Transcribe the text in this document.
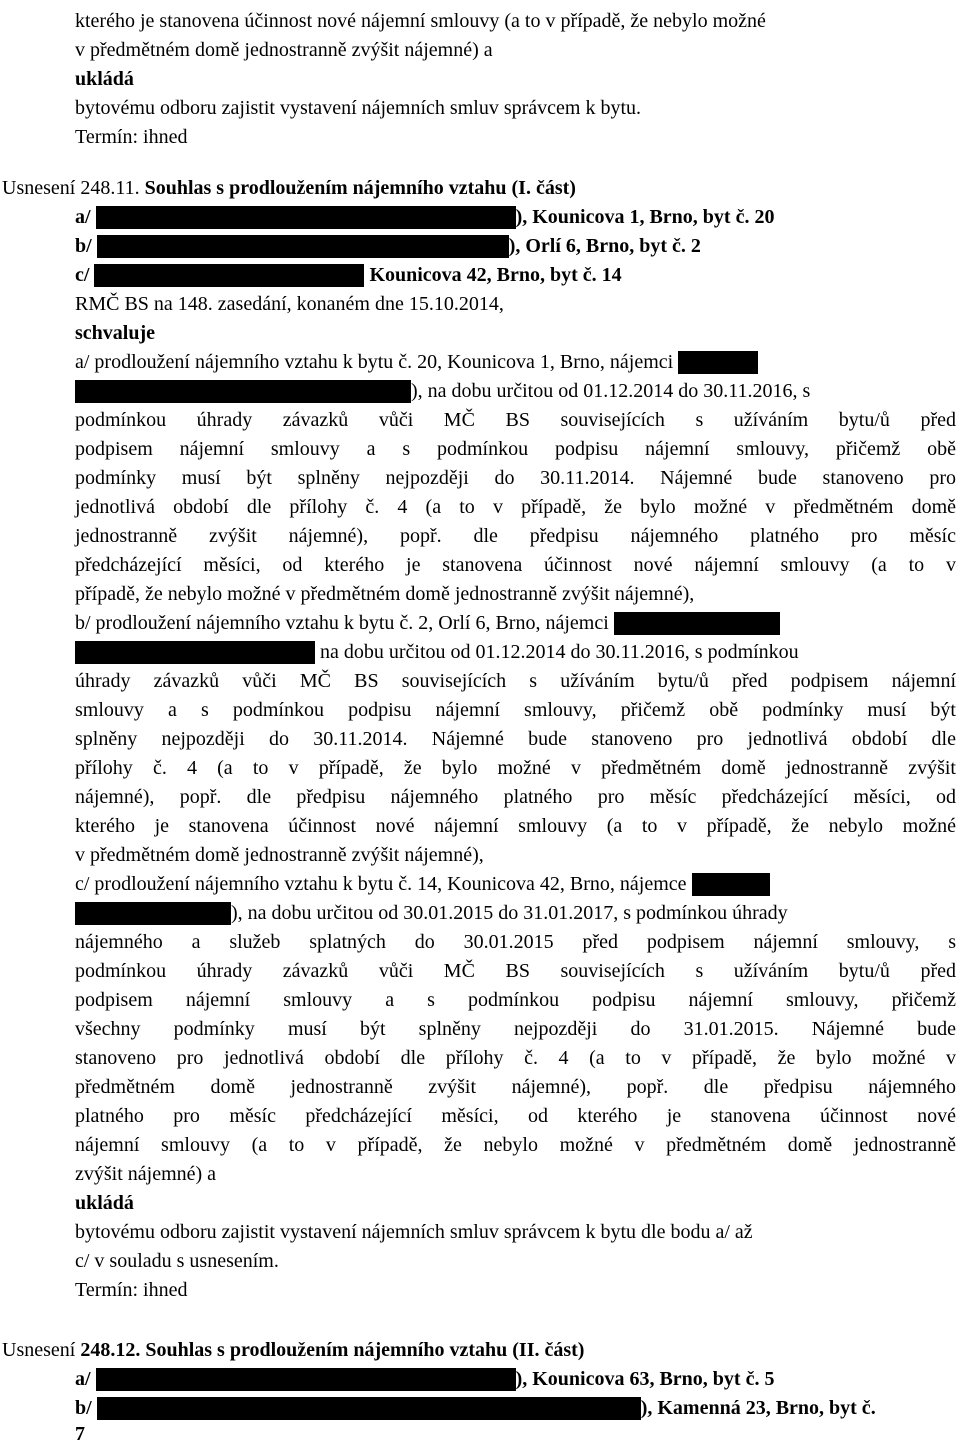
kterého je stanovena účinnost nové nájemní smlouvy (a to v případě, že nebylo možné
v předmětném domě jednostranně zvýšit nájemné) a
ukládá
bytovému odboru zajistit vystavení nájemních smluv správcem k bytu.
Termín: ihned
Usnesení 248.11. Souhlas s prodloužením nájemního vztahu (I. část)
a/	), Kounicova 1, Brno, byt č. 20
b/	), Orlí 6, Brno, byt č. 2
c/	Kounicova 42, Brno, byt č. 14
RMČ BS na 148. zasedání, konaném dne 15.10.2014,
schvaluje
a/ prodloužení nájemního vztahu k bytu č. 20, Kounicova 1, Brno, nájemci
), na dobu určitou od 01.12.2014 do 30.11.2016, s
podmínkou úhrady závazků vůči MČ BS souvisejících s užíváním bytu/ů před
podpisem nájemní smlouvy a s podmínkou podpisu nájemní smlouvy, přičemž obě
podmínky musí být splněny nejpozději do 30.11.2014. Nájemné bude stanoveno pro
jednotlivá období dle přílohy č. 4 (a to v případě, že bylo možné v předmětném domě
jednostranně zvýšit nájemné), popř. dle předpisu nájemného platného pro měsíc
předcházející měsíci, od kterého je stanovena účinnost nové nájemní smlouvy (a to v
případě, že nebylo možné v předmětném domě jednostranně zvýšit nájemné),
b/ prodloužení nájemního vztahu k bytu č. 2, Orlí 6, Brno, nájemci
na dobu určitou od 01.12.2014 do 30.11.2016, s podmínkou
úhrady závazků vůči MČ BS souvisejících s užíváním bytu/ů před podpisem nájemní
smlouvy a s podmínkou podpisu nájemní smlouvy, přičemž obě podmínky musí být
splněny nejpozději do 30.11.2014. Nájemné bude stanoveno pro jednotlivá období dle
přílohy č. 4 (a to v případě, že bylo možné v předmětném domě jednostranně zvýšit
nájemné), popř. dle předpisu nájemného platného pro měsíc předcházející měsíci, od
kterého je stanovena účinnost nové nájemní smlouvy (a to v případě, že nebylo možné
v předmětném domě jednostranně zvýšit nájemné),
c/ prodloužení nájemního vztahu k bytu č. 14, Kounicova 42, Brno, nájemce
), na dobu určitou od 30.01.2015 do 31.01.2017, s podmínkou úhrady
nájemného a služeb splatných do 30.01.2015 před podpisem nájemní smlouvy, s
podmínkou úhrady závazků vůči MČ BS souvisejících s užíváním bytu/ů před
podpisem nájemní smlouvy a s podmínkou podpisu nájemní smlouvy, přičemž
všechny podmínky musí být splněny nejpozději do 31.01.2015. Nájemné bude
stanoveno pro jednotlivá období dle přílohy č. 4 (a to v případě, že bylo možné v
předmětném domě jednostranně zvýšit nájemné), popř. dle předpisu nájemného
platného pro měsíc předcházející měsíci, od kterého je stanovena účinnost nové
nájemní smlouvy (a to v případě, že nebylo možné v předmětném domě jednostranně
zvýšit nájemné) a
ukládá
bytovému odboru zajistit vystavení nájemních smluv správcem k bytu dle bodu a/ až
c/ v souladu s usnesením.
Termín: ihned
Usnesení 248.12. Souhlas s prodloužením nájemního vztahu (II. část)
a/	), Kounicova 63, Brno, byt č. 5
b/	), Kamenná 23, Brno, byt č.
7
